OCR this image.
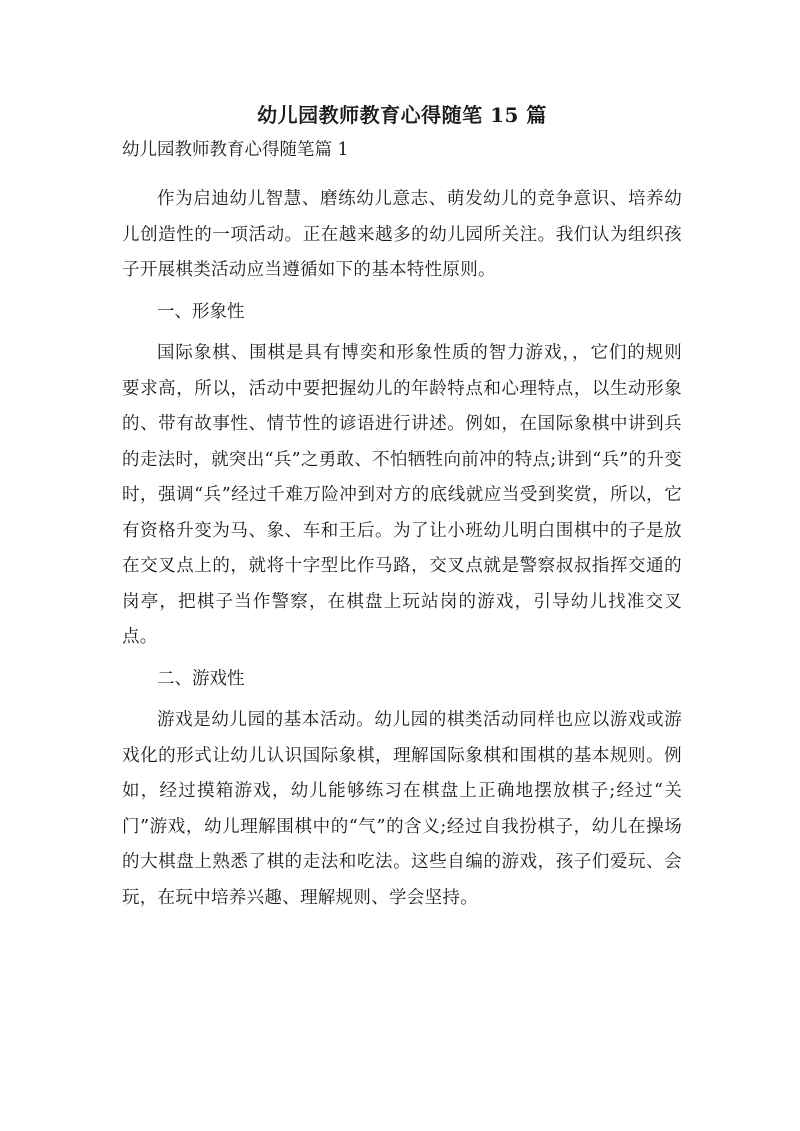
幼儿园教师教育心得随笔 15 篇

幼儿园教师教育心得随笔篇 1

作为启迪幼儿智慧、磨练幼儿意志、萌发幼儿的竞争意识、培养幼儿创造性的一项活动。正在越来越多的幼儿园所关注。我们认为组织孩子开展棋类活动应当遵循如下的基本特性原则。

一、形象性

国际象棋、围棋是具有博奕和形象性质的智力游戏，，它们的规则要求高，所以，活动中要把握幼儿的年龄特点和心理特点，以生动形象的、带有故事性、情节性的谚语进行讲述。例如，在国际象棋中讲到兵的走法时，就突出“兵”之勇敢、不怕牺牲向前冲的特点;讲到“兵”的升变时，强调“兵”经过千难万险冲到对方的底线就应当受到奖赏，所以，它有资格升变为马、象、车和王后。为了让小班幼儿明白围棋中的子是放在交叉点上的，就将十字型比作马路，交叉点就是警察叔叔指挥交通的岗亭，把棋子当作警察，在棋盘上玩站岗的游戏，引导幼儿找准交叉点。

二、游戏性

游戏是幼儿园的基本活动。幼儿园的棋类活动同样也应以游戏或游戏化的形式让幼儿认识国际象棋，理解国际象棋和围棋的基本规则。例如，经过摸箱游戏，幼儿能够练习在棋盘上正确地摆放棋子;经过“关门”游戏，幼儿理解围棋中的“气”的含义;经过自我扮棋子，幼儿在操场的大棋盘上熟悉了棋的走法和吃法。这些自编的游戏，孩子们爱玩、会玩，在玩中培养兴趣、理解规则、学会坚持。
